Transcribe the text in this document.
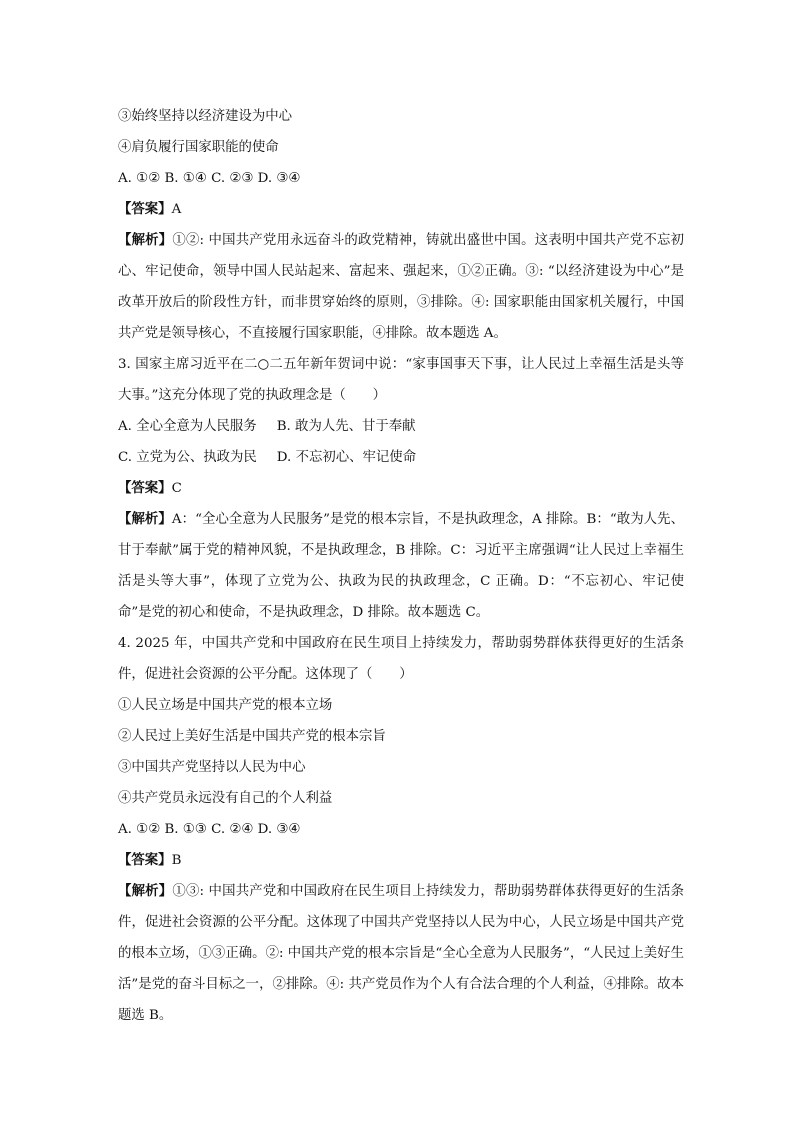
③始终坚持以经济建设为中心
④肩负履行国家职能的使命
A. ①② B. ①④ C. ②③ D. ③④
【答案】A

【解析】①②: 中国共产党用永远奋斗的政党精神，铸就出盛世中国。这表明中国共产党不忘初心、牢记使命，领导中国人民站起来、富起来、强起来，①②正确。③: “以经济建设为中心”是改革开放后的阶段性方针，而非贯穿始终的原则，③排除。④: 国家职能由国家机关履行，中国共产党是领导核心，不直接履行国家职能，④排除。故本题选 A。

3. 国家主席习近平在二○二五年新年贺词中说：“家事国事天下事，让人民过上幸福生活是头等大事。”这充分体现了党的执政理念是（　　）

A. 全心全意为人民服务 B. 敢为人先、甘于奉献
C. 立党为公、执政为民 D. 不忘初心、牢记使命
【答案】C

【解析】A：“全心全意为人民服务”是党的根本宗旨，不是执政理念，A 排除。B：“敢为人先、甘于奉献”属于党的精神风貌，不是执政理念，B 排除。C：习近平主席强调“让人民过上幸福生活是头等大事”，体现了立党为公、执政为民的执政理念，C 正确。D：“不忘初心、牢记使命”是党的初心和使命，不是执政理念，D 排除。故本题选 C。

4. 2025 年，中国共产党和中国政府在民生项目上持续发力，帮助弱势群体获得更好的生活条件，促进社会资源的公平分配。这体现了（　　）

①人民立场是中国共产党的根本立场
②人民过上美好生活是中国共产党的根本宗旨
③中国共产党坚持以人民为中心
④共产党员永远没有自己的个人利益
A. ①② B. ①③ C. ②④ D. ③④
【答案】B

【解析】①③: 中国共产党和中国政府在民生项目上持续发力，帮助弱势群体获得更好的生活条件，促进社会资源的公平分配。这体现了中国共产党坚持以人民为中心，人民立场是中国共产党的根本立场，①③正确。②: 中国共产党的根本宗旨是“全心全意为人民服务”，“人民过上美好生活”是党的奋斗目标之一，②排除。④: 共产党员作为个人有合法合理的个人利益，④排除。故本题选 B。
